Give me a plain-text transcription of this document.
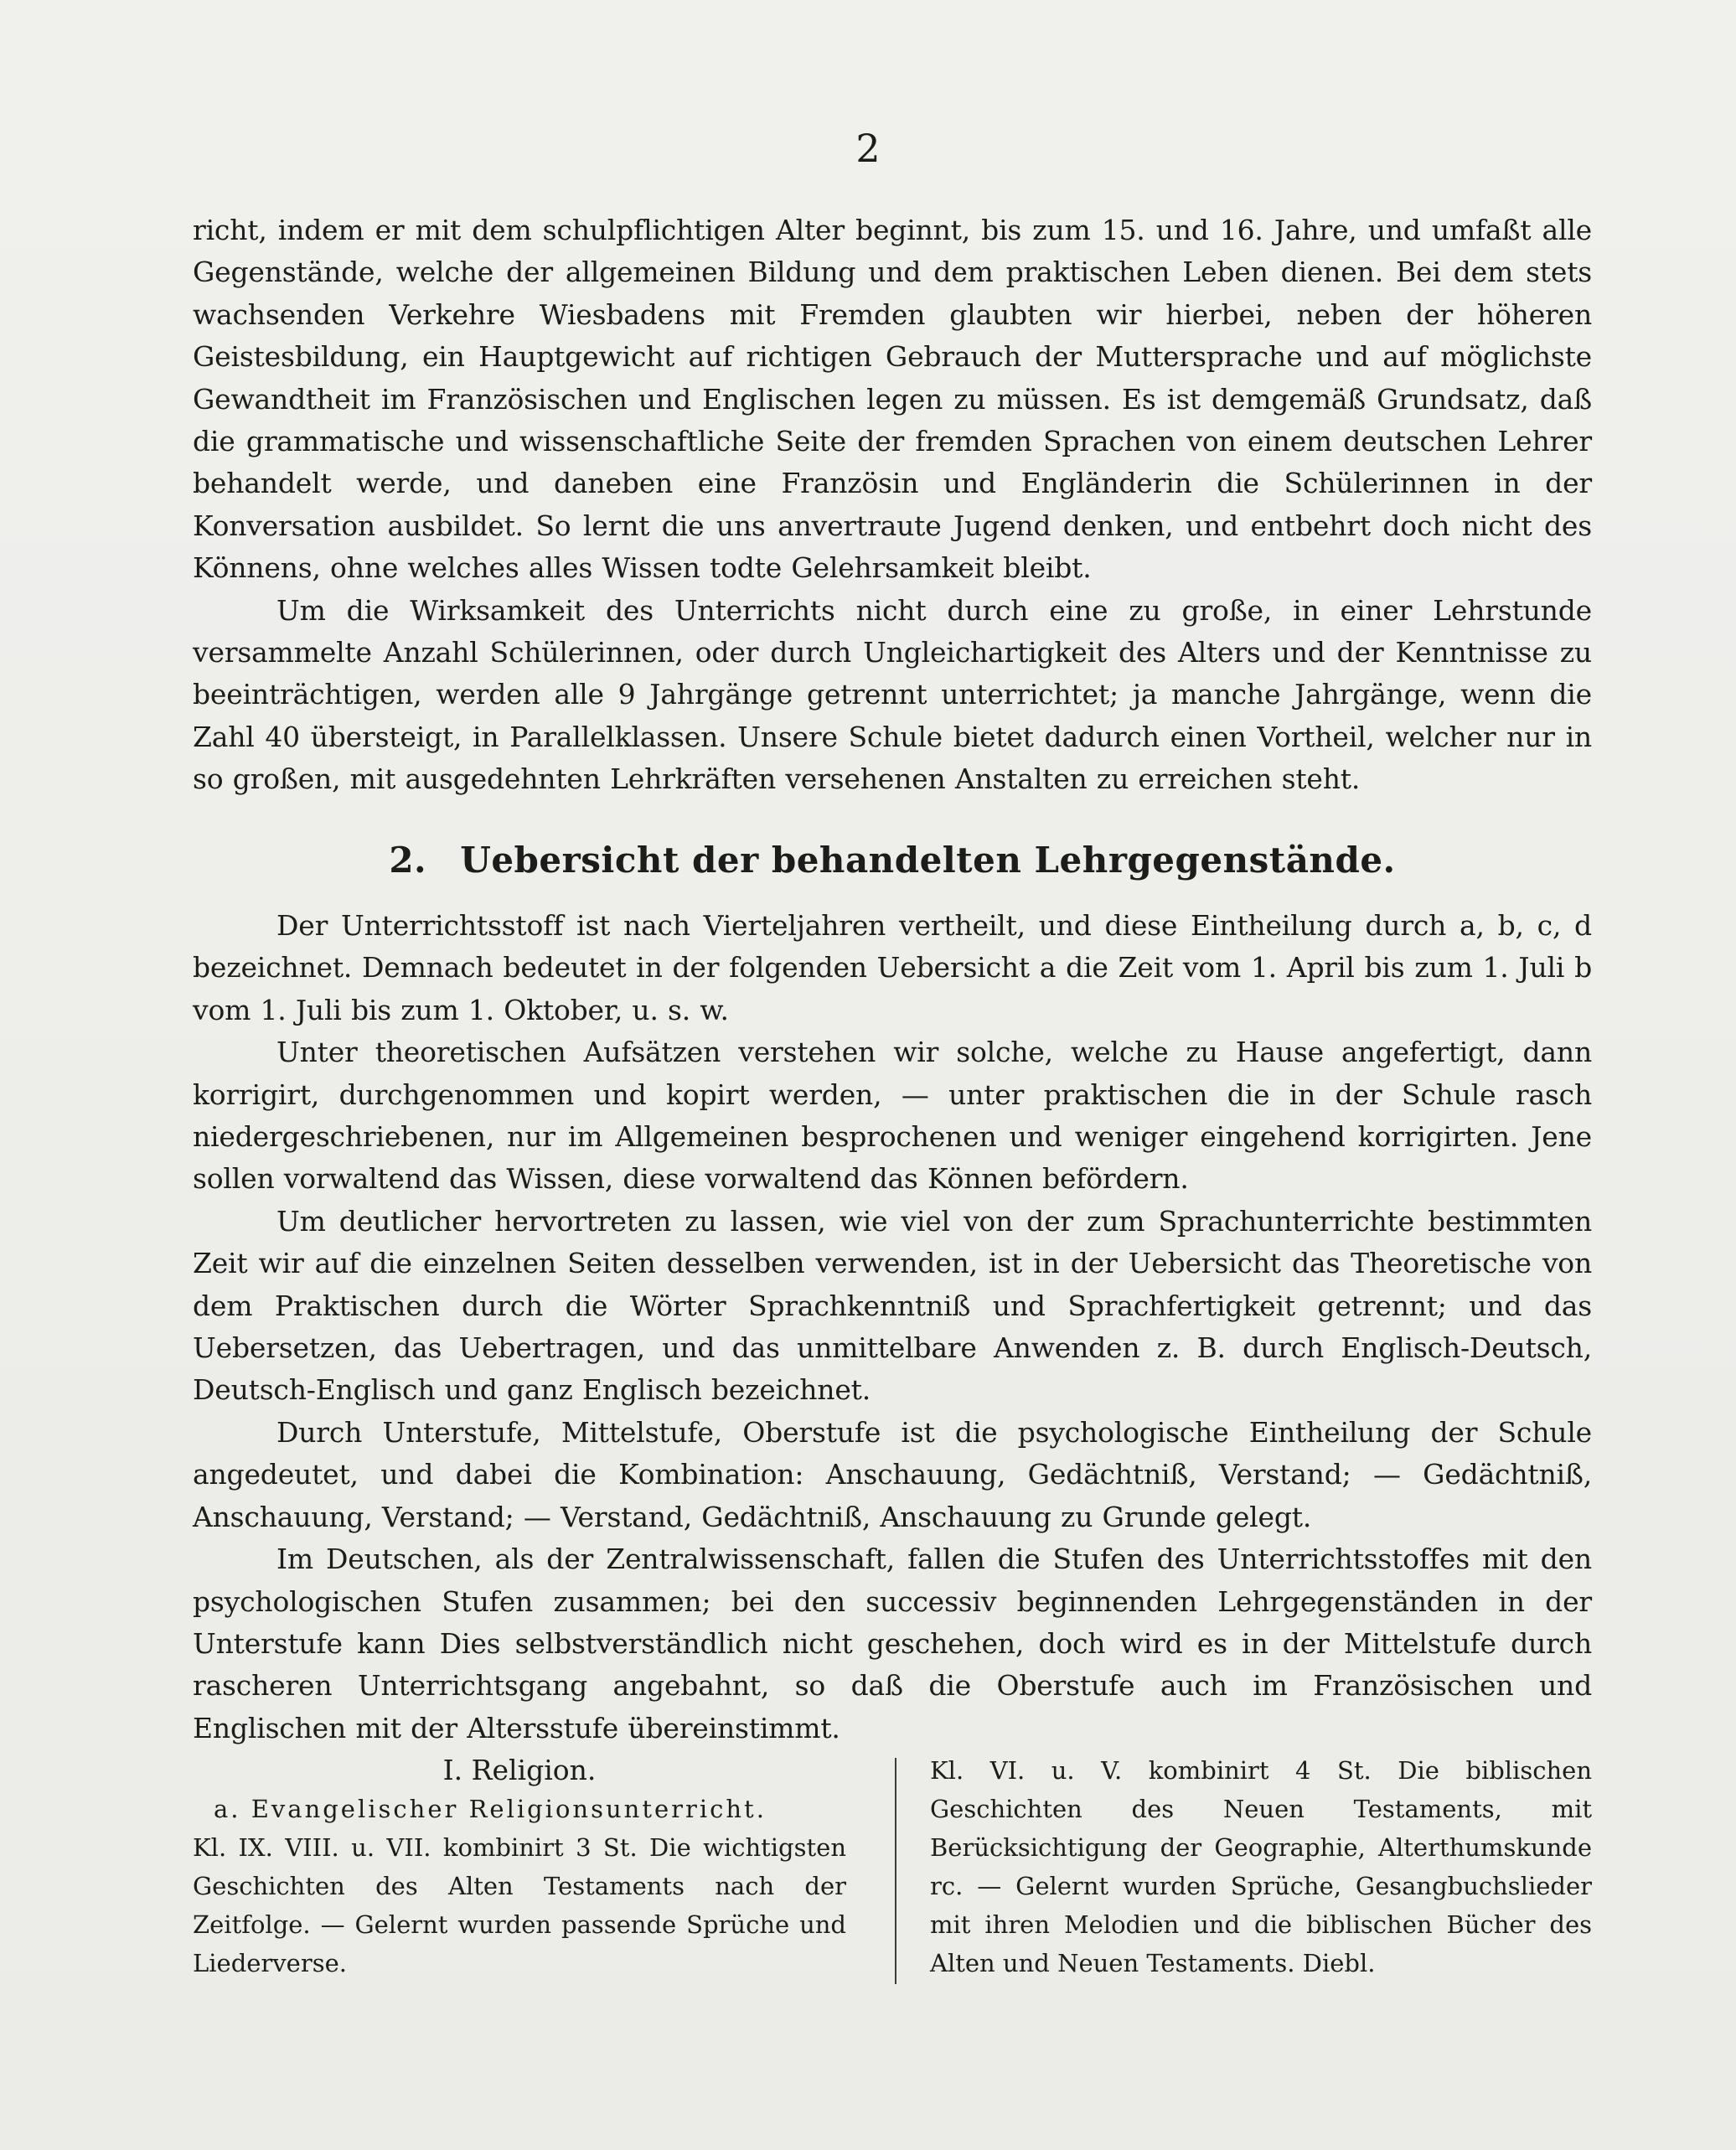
2

richt, indem er mit dem schulpflichtigen Alter beginnt, bis zum 15. und 16. Jahre, und umfaßt alle Gegenstände, welche der allgemeinen Bildung und dem praktischen Leben dienen. Bei dem stets wachsenden Verkehre Wiesbadens mit Fremden glaubten wir hierbei, neben der höheren Geistesbildung, ein Hauptgewicht auf richtigen Gebrauch der Muttersprache und auf möglichste Gewandtheit im Französischen und Englischen legen zu müssen. Es ist demgemäß Grundsatz, daß die grammatische und wissenschaftliche Seite der fremden Sprachen von einem deutschen Lehrer behandelt werde, und daneben eine Französin und Engländerin die Schülerinnen in der Konversation ausbildet. So lernt die uns anvertraute Jugend denken, und entbehrt doch nicht des Könnens, ohne welches alles Wissen todte Gelehrsamkeit bleibt.

Um die Wirksamkeit des Unterrichts nicht durch eine zu große, in einer Lehrstunde versammelte Anzahl Schülerinnen, oder durch Ungleichartigkeit des Alters und der Kenntnisse zu beeinträchtigen, werden alle 9 Jahrgänge getrennt unterrichtet; ja manche Jahrgänge, wenn die Zahl 40 übersteigt, in Parallelklassen. Unsere Schule bietet dadurch einen Vortheil, welcher nur in so großen, mit ausgedehnten Lehrkräften versehenen Anstalten zu erreichen steht.

2. Uebersicht der behandelten Lehrgegenstände.

Der Unterrichtsstoff ist nach Vierteljahren vertheilt, und diese Eintheilung durch a, b, c, d bezeichnet. Demnach bedeutet in der folgenden Uebersicht a die Zeit vom 1. April bis zum 1. Juli b vom 1. Juli bis zum 1. Oktober, u. s. w.

Unter theoretischen Aufsätzen verstehen wir solche, welche zu Hause angefertigt, dann korrigirt, durchgenommen und kopirt werden, — unter praktischen die in der Schule rasch niedergeschriebenen, nur im Allgemeinen besprochenen und weniger eingehend korrigirten. Jene sollen vorwaltend das Wissen, diese vorwaltend das Können befördern.

Um deutlicher hervortreten zu lassen, wie viel von der zum Sprachunterrichte bestimmten Zeit wir auf die einzelnen Seiten desselben verwenden, ist in der Uebersicht das Theoretische von dem Praktischen durch die Wörter Sprachkenntniß und Sprachfertigkeit getrennt; und das Uebersetzen, das Uebertragen, und das unmittelbare Anwenden z. B. durch Englisch-Deutsch, Deutsch-Englisch und ganz Englisch bezeichnet.

Durch Unterstufe, Mittelstufe, Oberstufe ist die psychologische Eintheilung der Schule angedeutet, und dabei die Kombination: Anschauung, Gedächtniß, Verstand; — Gedächtniß, Anschauung, Verstand; — Verstand, Gedächtniß, Anschauung zu Grunde gelegt.

Im Deutschen, als der Zentralwissenschaft, fallen die Stufen des Unterrichtsstoffes mit den psychologischen Stufen zusammen; bei den successiv beginnenden Lehrgegenständen in der Unterstufe kann Dies selbstverständlich nicht geschehen, doch wird es in der Mittelstufe durch rascheren Unterrichtsgang angebahnt, so daß die Oberstufe auch im Französischen und Englischen mit der Altersstufe übereinstimmt.

I. Religion.

a. Evangelischer Religionsunterricht.

Kl. IX. VIII. u. VII. kombinirt 3 St. Die wichtigsten Geschichten des Alten Testaments nach der Zeitfolge. — Gelernt wurden passende Sprüche und Liederverse.

Kl. VI. u. V. kombinirt 4 St. Die biblischen Geschichten des Neuen Testaments, mit Berücksichtigung der Geographie, Alterthumskunde rc. — Gelernt wurden Sprüche, Gesangbuchslieder mit ihren Melodien und die biblischen Bücher des Alten und Neuen Testaments. Diebl.
